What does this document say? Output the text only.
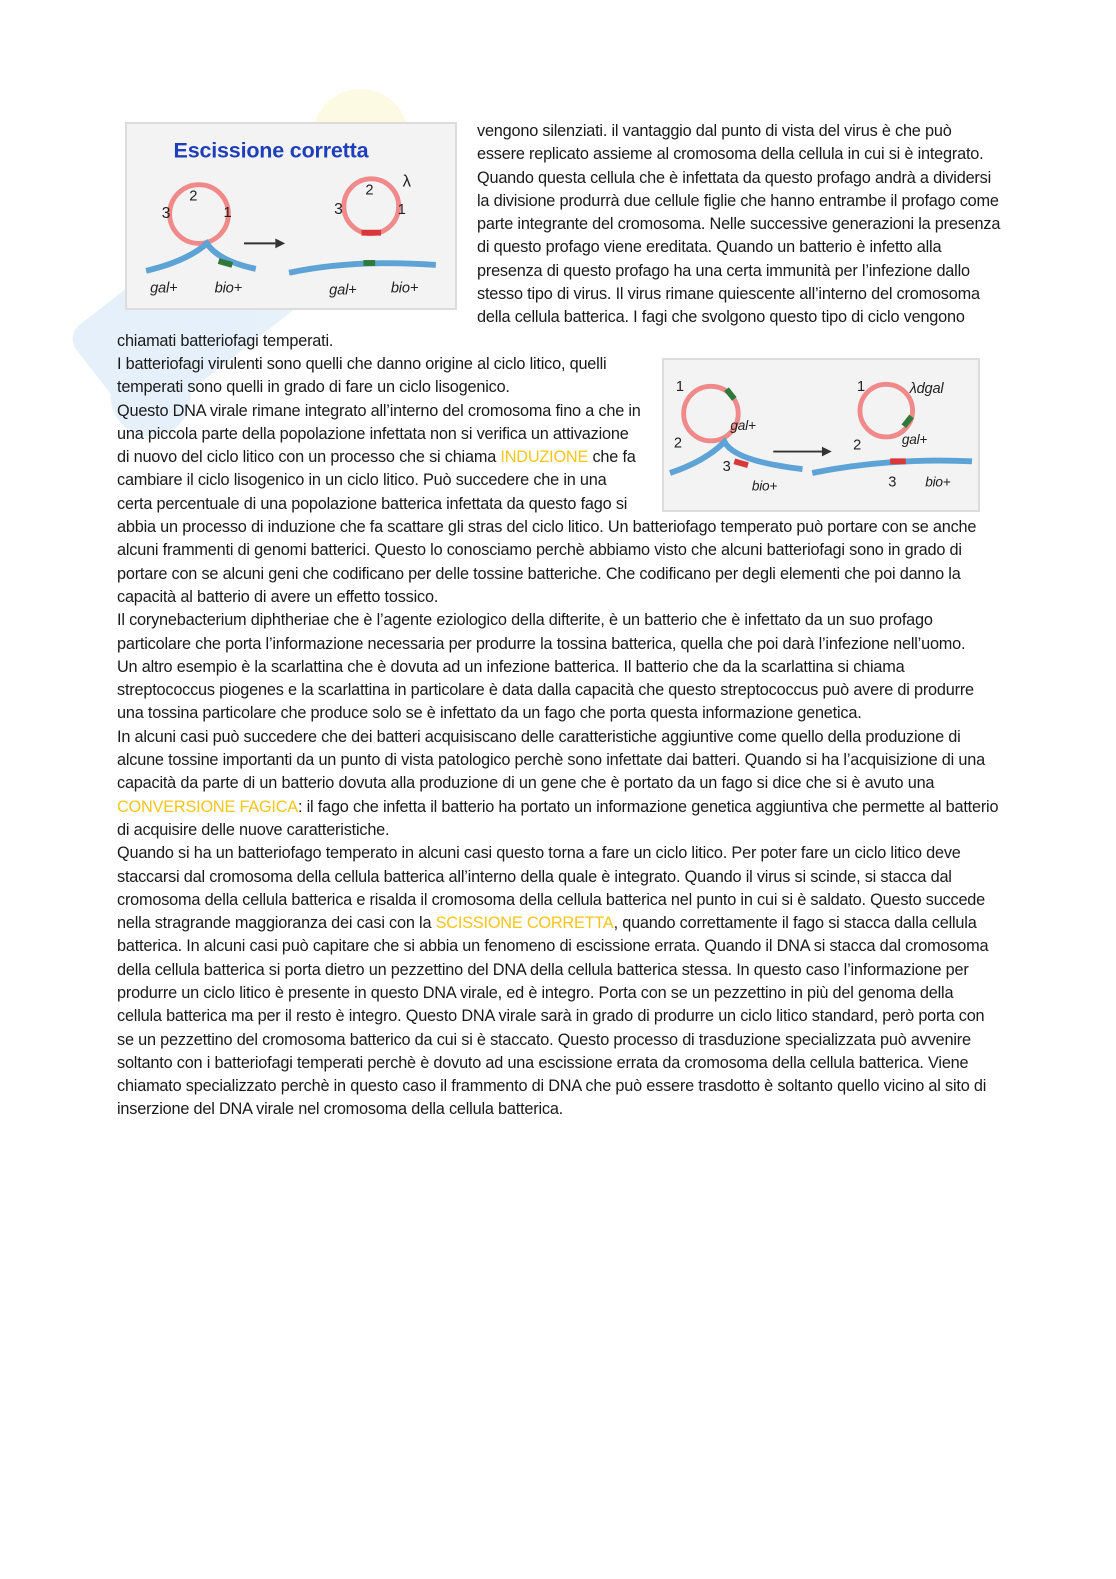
Escissione corretta
3
2
1
gal+ bio+
3
2
1
λ
gal+ bio+

vengono silenziati. il vantaggio dal punto di vista del virus è che può essere replicato assieme al cromosoma della cellula in cui si è integrato. Quando questa cellula che è infettata da questo profago andrà a dividersi la divisione produrrà due cellule figlie che hanno entrambe il profago come parte integrante del cromosoma. Nelle successive generazioni la presenza di questo profago viene ereditata. Quando un batterio è infetto alla presenza di questo profago ha una certa immunità per l’infezione dallo stesso tipo di virus. Il virus rimane quiescente all’interno del cromosoma della cellula batterica. I fagi che svolgono questo tipo di ciclo vengono chiamati batteriofagi temperati.

1
2
3
gal+
bio+
1
2
3
λdgal
gal+
bio+

I batteriofagi virulenti sono quelli che danno origine al ciclo litico, quelli temperati sono quelli in grado di fare un ciclo lisogenico.

Questo DNA virale rimane integrato all’interno del cromosoma fino a che in una piccola parte della popolazione infettata non si verifica un attivazione di nuovo del ciclo litico con un processo che si chiama INDUZIONE che fa cambiare il ciclo lisogenico in un ciclo litico. Può succedere che in una certa percentuale di una popolazione batterica infettata da questo fago si abbia un processo di induzione che fa scattare gli stras del ciclo litico. Un batteriofago temperato può portare con se anche alcuni frammenti di genomi batterici. Questo lo conosciamo perchè abbiamo visto che alcuni batteriofagi sono in grado di portare con se alcuni geni che codificano per delle tossine batteriche. Che codificano per degli elementi che poi danno la capacità al batterio di avere un effetto tossico.

Il corynebacterium diphtheriae che è l’agente eziologico della difterite, è un batterio che è infettato da un suo profago particolare che porta l’informazione necessaria per produrre la tossina batterica, quella che poi darà l’infezione nell’uomo.

Un altro esempio è la scarlattina che è dovuta ad un infezione batterica. Il batterio che da la scarlattina si chiama streptococcus piogenes e la scarlattina in particolare è data dalla capacità che questo streptococcus può avere di produrre una tossina particolare che produce solo se è infettato da un fago che porta questa informazione genetica.

In alcuni casi può succedere che dei batteri acquisiscano delle caratteristiche aggiuntive come quello della produzione di alcune tossine importanti da un punto di vista patologico perchè sono infettate dai batteri. Quando si ha l’acquisizione di una capacità da parte di un batterio dovuta alla produzione di un gene che è portato da un fago si dice che si è avuto una CONVERSIONE FAGICA: il fago che infetta il batterio ha portato un informazione genetica aggiuntiva che permette al batterio di acquisire delle nuove caratteristiche.

Quando si ha un batteriofago temperato in alcuni casi questo torna a fare un ciclo litico. Per poter fare un ciclo litico deve staccarsi dal cromosoma della cellula batterica all’interno della quale è integrato. Quando il virus si scinde, si stacca dal cromosoma della cellula batterica e risalda il cromosoma della cellula batterica nel punto in cui si è saldato. Questo succede nella stragrande maggioranza dei casi con la SCISSIONE CORRETTA, quando correttamente il fago si stacca dalla cellula batterica. In alcuni casi può capitare che si abbia un fenomeno di escissione errata. Quando il DNA si stacca dal cromosoma della cellula batterica si porta dietro un pezzettino del DNA della cellula batterica stessa. In questo caso l’informazione per produrre un ciclo litico è presente in questo DNA virale, ed è integro. Porta con se un pezzettino in più del genoma della cellula batterica ma per il resto è integro. Questo DNA virale sarà in grado di produrre un ciclo litico standard, però porta con se un pezzettino del cromosoma batterico da cui si è staccato. Questo processo di trasduzione specializzata può avvenire soltanto con i batteriofagi temperati perchè è dovuto ad una escissione errata da cromosoma della cellula batterica. Viene chiamato specializzato perchè in questo caso il frammento di DNA che può essere trasdotto è soltanto quello vicino al sito di inserzione del DNA virale nel cromosoma della cellula batterica.
